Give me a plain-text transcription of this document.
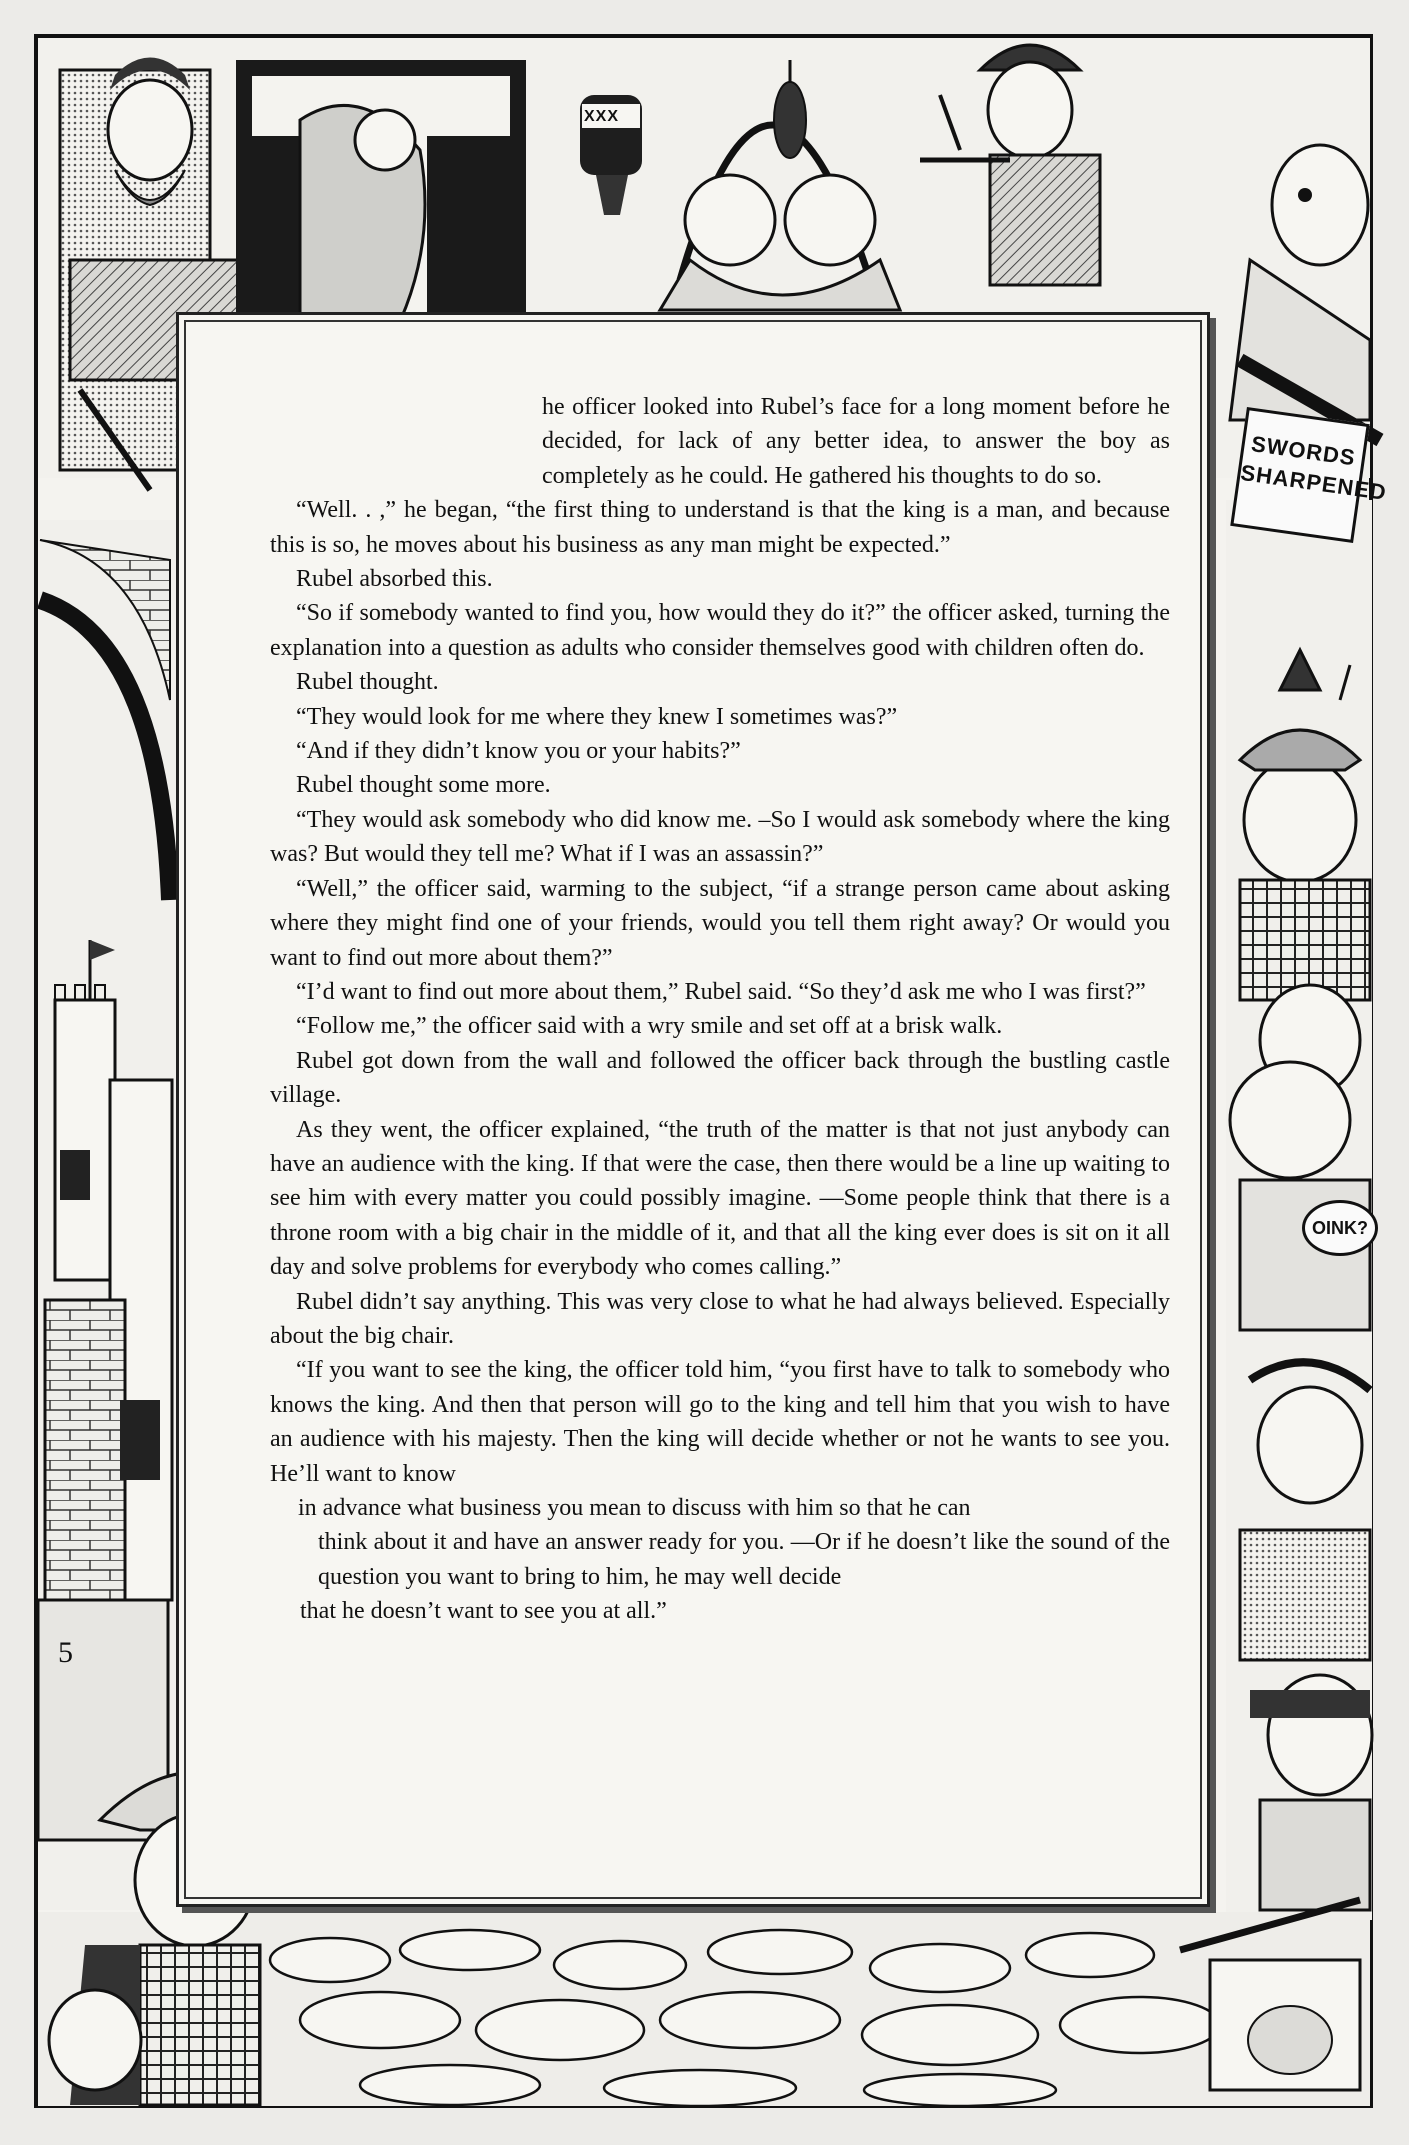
XXX
SWORDS
SHARPENED
OINK?
5

he officer looked into Rubel’s face for a long moment before he decided, for lack of any better idea, to answer the boy as completely as he could. He gathered his thoughts to do so.

“Well. . ,” he began, “the first thing to understand is that the king is a man, and because this is so, he moves about his business as any man might be expected.”

Rubel absorbed this.

“So if somebody wanted to find you, how would they do it?” the officer asked, turning the explanation into a question as adults who consider themselves good with children often do.

Rubel thought.

“They would look for me where they knew I sometimes was?”

“And if they didn’t know you or your habits?”

Rubel thought some more.

“They would ask somebody who did know me. –So I would ask somebody where the king was? But would they tell me? What if I was an assassin?”

“Well,” the officer said, warming to the subject, “if a strange person came about asking where they might find one of your friends, would you tell them right away? Or would you want to find out more about them?”

“I’d want to find out more about them,” Rubel said. “So they’d ask me who I was first?”

“Follow me,” the officer said with a wry smile and set off at a brisk walk.

Rubel got down from the wall and followed the officer back through the bustling castle village.

As they went, the officer explained, “the truth of the matter is that not just anybody can have an audience with the king. If that were the case, then there would be a line up waiting to see him with every matter you could possibly imagine. —Some people think that there is a throne room with a big chair in the middle of it, and that all the king ever does is sit on it all day and solve problems for everybody who comes calling.”

Rubel didn’t say anything. This was very close to what he had always believed. Especially about the big chair.

“If you want to see the king, the officer told him, “you first have to talk to somebody who knows the king. And then that person will go to the king and tell him that you wish to have an audience with his majesty. Then the king will decide whether or not he wants to see you. He’ll want to know

in advance what business you mean to discuss with him so that he can

think about it and have an answer ready for you. —Or if he doesn’t like the sound of the question you want to bring to him, he may well decide

that he doesn’t want to see you at all.”
